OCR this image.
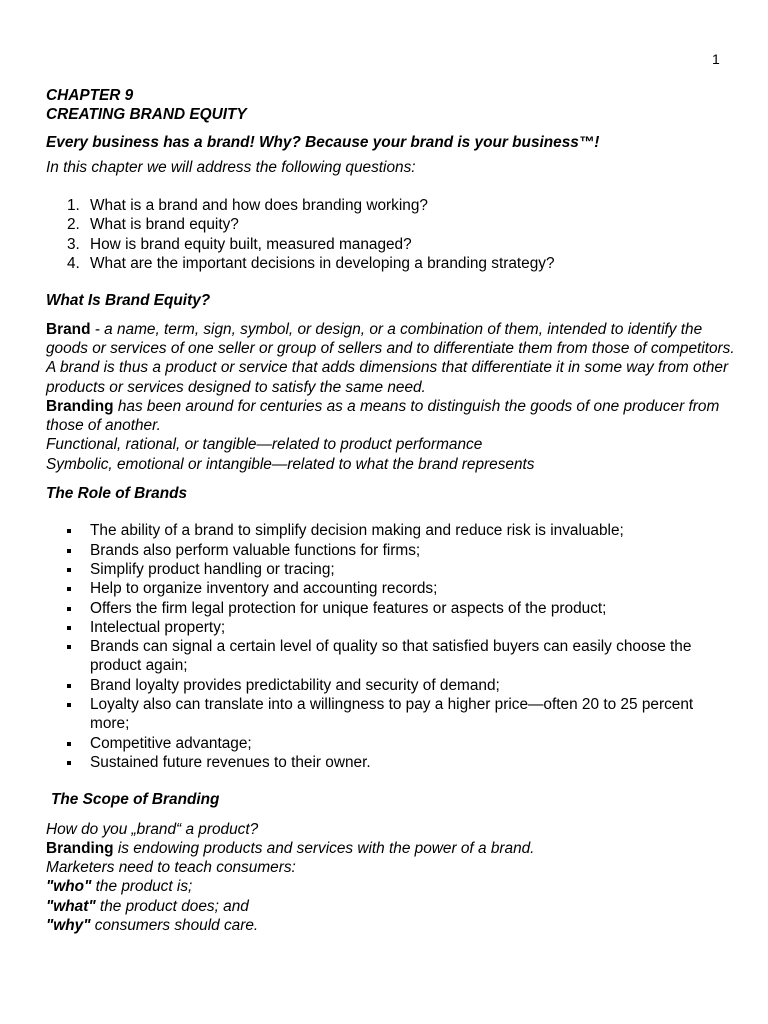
1
CHAPTER 9
CREATING BRAND EQUITY
Every business has a brand! Why? Because your brand is your business™!
In this chapter we will address the following questions:
1. What is a brand and how does branding working?
2. What is brand equity?
3. How is brand equity built, measured managed?
4. What are the important decisions in developing a branding strategy?
What Is Brand Equity?
Brand - a name, term, sign, symbol, or design, or a combination of them, intended to identify the goods or services of one seller or group of sellers and to differentiate them from those of competitors.
A brand is thus a product or service that adds dimensions that differentiate it in some way from other products or services designed to satisfy the same need.
Branding has been around for centuries as a means to distinguish the goods of one producer from those of another.
Functional, rational, or tangible—related to product performance
Symbolic, emotional or intangible—related to what the brand represents
The Role of Brands
The ability of a brand to simplify decision making and reduce risk is invaluable;
Brands also perform valuable functions for firms;
Simplify product handling or tracing;
Help to organize inventory and accounting records;
Offers the firm legal protection for unique features or aspects of the product;
Intelectual property;
Brands can signal a certain level of quality so that satisfied buyers can easily choose the product again;
Brand loyalty provides predictability and security of demand;
Loyalty also can translate into a willingness to pay a higher price—often 20 to 25 percent more;
Competitive advantage;
Sustained future revenues to their owner.
The Scope of Branding
How do you „brand“ a product?
Branding is endowing products and services with the power of a brand.
Marketers need to teach consumers:
"who" the product is;
"what" the product does; and
"why" consumers should care.
